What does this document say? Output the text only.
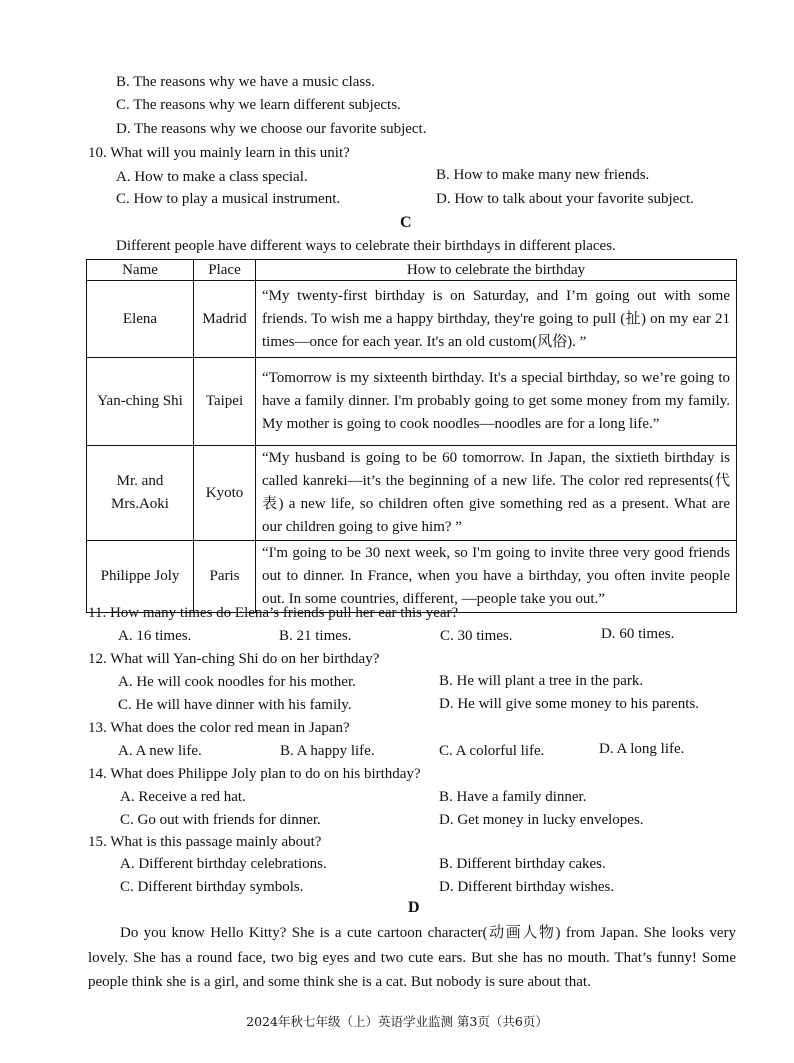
B. The reasons why we have a music class.
C. The reasons why we learn different subjects.
D. The reasons why we choose our favorite subject.
10. What will you mainly learn in this unit?
A. How to make a class special.	B. How to make many new friends.
C. How to play a musical instrument.	D. How to talk about your favorite subject.
C
Different people have different ways to celebrate their birthdays in different places.
Name	Place	How to celebrate the birthday
Elena	Madrid	“My twenty-first birthday is on Saturday, and I’m going out with some friends. To wish me a happy birthday, they're going to pull (扯) on my ear 21 times—once for each year. It's an old custom(风俗). ”
Yan-ching Shi	Taipei	“Tomorrow is my sixteenth birthday. It's a special birthday, so we’re going to have a family dinner. I'm probably going to get some money from my family. My mother is going to cook noodles—noodles are for a long life.”
Mr. and Mrs.Aoki	Kyoto	“My husband is going to be 60 tomorrow. In Japan, the sixtieth birthday is called kanreki—it’s the beginning of a new life. The color red represents(代表) a new life, so children often give something red as a present. What are our children going to give him? ”
Philippe Joly	Paris	“I'm going to be 30 next week, so I'm going to invite three very good friends out to dinner. In France, when you have a birthday, you often invite people out. In some countries, different, —people take you out.”
11. How many times do Elena’s friends pull her ear this year?
A. 16 times.	B. 21 times.	C. 30 times.	D. 60 times.
12. What will Yan-ching Shi do on her birthday?
A. He will cook noodles for his mother.	B. He will plant a tree in the park.
C. He will have dinner with his family.	D. He will give some money to his parents.
13. What does the color red mean in Japan?
A. A new life.	B. A happy life.	C. A colorful life.	D. A long life.
14. What does Philippe Joly plan to do on his birthday?
A. Receive a red hat.	B. Have a family dinner.
C. Go out with friends for dinner.	D. Get money in lucky envelopes.
15. What is this passage mainly about?
A. Different birthday celebrations.	B. Different birthday cakes.
C. Different birthday symbols.	D. Different birthday wishes.
D

Do you know Hello Kitty? She is a cute cartoon character(动画人物) from Japan. She looks very lovely. She has a round face, two big eyes and two cute ears. But she has no mouth. That’s funny! Some people think she is a girl, and some think she is a cat. But nobody is sure about that.

2024年秋七年级（上）英语学业监测 第3页（共6页）
